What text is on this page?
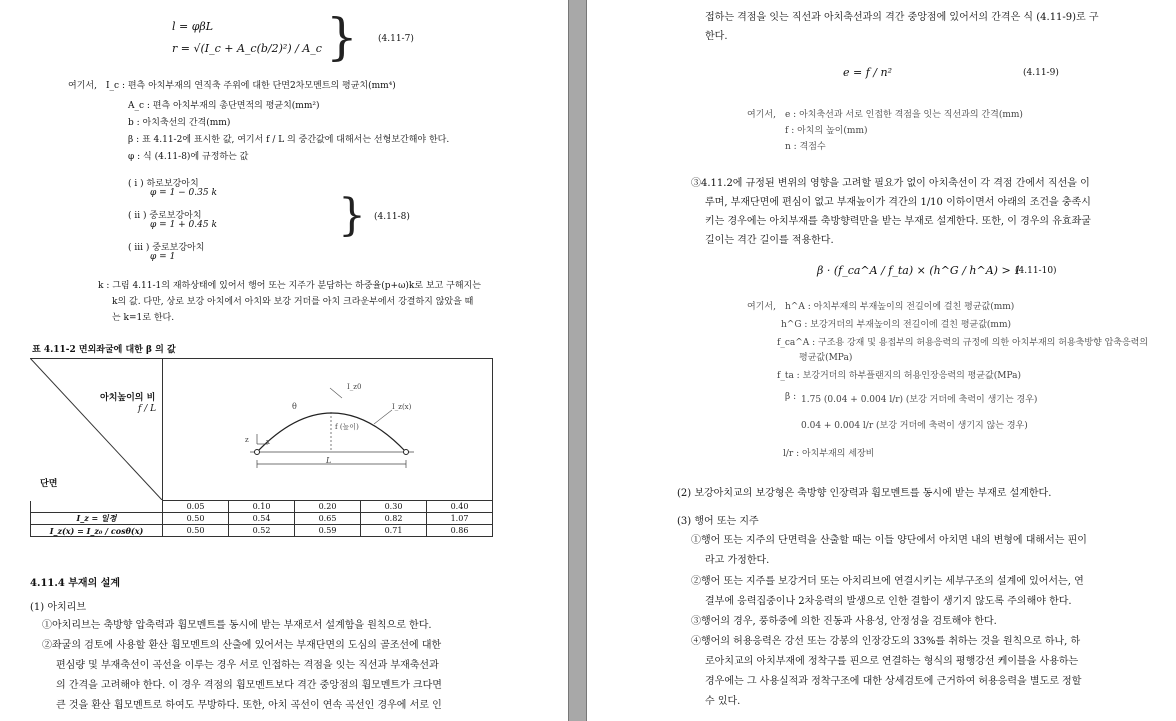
l = φβL
r = √(I_c + A_c(b/2)²) / A_c } (4.11-7)
여기서, I_c : 편측 아치부재의 연직축 주위에 대한 단면2차모멘트의 평균치(mm⁴)
A_c : 편측 아치부재의 총단면적의 평균치(mm²)
b : 아치축선의 간격(mm)
β : 표 4.11-2에 표시한 값, 여기서 f / L 의 중간값에 대해서는 선형보간해야 한다.
φ : 식 (4.11-8)에 규정하는 값
( i ) 하로보강아치
φ = 1 − 0.35 k
( ii ) 중로보강아치
φ = 1 + 0.45 k
( iii ) 중로보강아치
φ = 1
} (4.11-8)
k : 그림 4.11-1의 재하상태에 있어서 행어 또는 지주가 분담하는 하중율(p+ω)k로 보고 구해지는
k의 값. 다만, 상로 보강 아치에서 아치와 보강 거더를 아치 크라운부에서 강결하지 않았을 때
는 k=1로 한다.
표 4.11-2 면외좌굴에 대한 β 의 값
아치높이의 비
f / L
단면
I_z0
I_z(x)
θ
f (높이)
z x
L
	0.05	0.10	0.20	0.30	0.40
I_z = 일정	0.50	0.54	0.65	0.82	1.07
I_z(x) = I_z₀ / cosθ(x)	0.50	0.52	0.59	0.71	0.86
4.11.4 부재의 설계
(1) 아치리브
①아치리브는 축방향 압축력과 휨모멘트를 동시에 받는 부재로서 설계함을 원칙으로 한다.
②좌굴의 검토에 사용할 환산 휨모멘트의 산출에 있어서는 부재단면의 도심의 골조선에 대한
편심량 및 부재축선이 곡선을 이루는 경우 서로 인접하는 격점을 잇는 직선과 부재축선과
의 간격을 고려해야 한다. 이 경우 격점의 휨모멘트보다 격간 중앙점의 휨모멘트가 크다면
큰 것을 환산 휨모멘트로 하여도 무방하다. 또한, 아치 곡선이 연속 곡선인 경우에 서로 인
접하는 격점을 잇는 직선과 아치축선과의 격간 중앙점에 있어서의 간격은 식 (4.11-9)로 구
한다.
e = f / n²	(4.11-9)
여기서, e : 아치축선과 서로 인접한 격점을 잇는 직선과의 간격(mm)
f : 아치의 높이(mm)
n : 격점수
③4.11.2에 규정된 변위의 영향을 고려할 필요가 없이 아치축선이 각 격점 간에서 직선을 이
루며, 부재단면에 편심이 없고 부재높이가 격간의 1/10 이하이면서 아래의 조건을 충족시
키는 경우에는 아치부재를 축방향력만을 받는 부재로 설계한다. 또한, 이 경우의 유효좌굴
길이는 격간 길이를 적용한다.
β · (f_ca^A / f_ta) × (h^G / h^A) > 1
(4.11-10)
여기서, h^A : 아치부재의 부재높이의 전길이에 걸친 평균값(mm)
h^G : 보강거더의 부재높이의 전길이에 걸친 평균값(mm)
f_ca^A : 구조용 강재 및 용접부의 허용응력의 규정에 의한 아치부재의 허용축방향 압축응력의
평균값(MPa)
f_ta : 보강거더의 하부플랜지의 허용인장응력의 평균값(MPa)
β : 1.75 (0.04 + 0.004 l/r) (보강 거더에 축력이 생기는 경우)
0.04 + 0.004 l/r (보강 거더에 축력이 생기지 않는 경우)
l/r : 아치부재의 세장비
(2) 보강아치교의 보강형은 축방향 인장력과 휨모멘트를 동시에 받는 부재로 설계한다.
(3) 행어 또는 지주
①행어 또는 지주의 단면력을 산출할 때는 이들 양단에서 아치면 내의 변형에 대해서는 핀이
라고 가정한다.
②행어 또는 지주를 보강거더 또는 아치리브에 연결시키는 세부구조의 설계에 있어서는, 연
결부에 응력집중이나 2차응력의 발생으로 인한 결함이 생기지 않도록 주의해야 한다.
③행어의 경우, 풍하중에 의한 진동과 사용성, 안정성을 검토해야 한다.
④행어의 허용응력은 강선 또는 강봉의 인장강도의 33%를 취하는 것을 원칙으로 하나, 하
로아치교의 아치부재에 정착구를 핀으로 연결하는 형식의 평행강선 케이블을 사용하는
경우에는 그 사용실적과 정착구조에 대한 상세검토에 근거하여 허용응력을 별도로 정할
수 있다.
